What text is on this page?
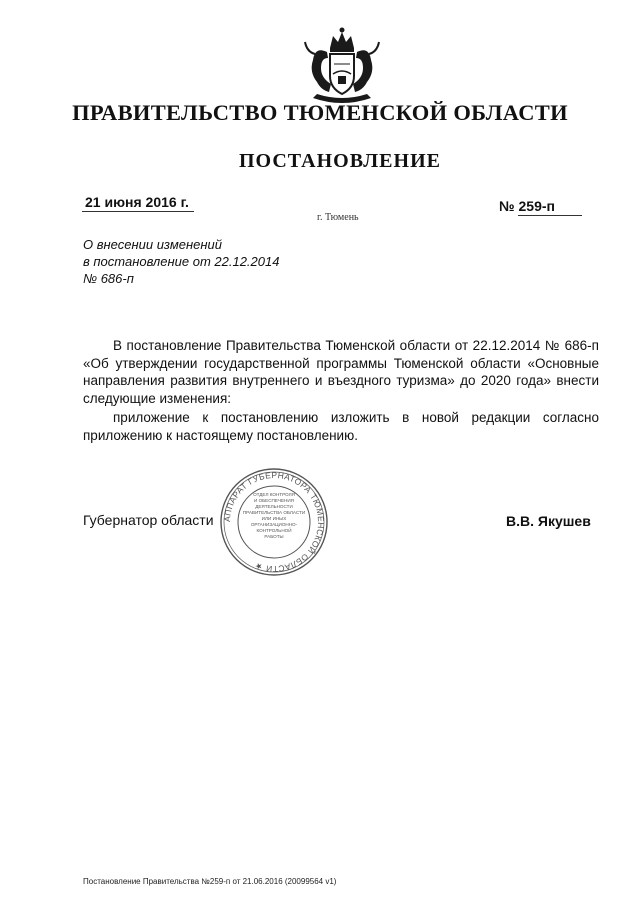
ПРАВИТЕЛЬСТВО ТЮМЕНСКОЙ ОБЛАСТИ
ПОСТАНОВЛЕНИЕ
21 июня 2016 г.	№ 259-п
г. Тюмень
О внесении изменений
в постановление от 22.12.2014
№ 686-п

В постановление Правительства Тюменской области от 22.12.2014 № 686-п «Об утверждении государственной программы Тюменской области «Основные направления развития внутреннего и въездного туризма» до 2020 года» внести следующие изменения:

приложение к постановлению изложить в новой редакции согласно приложению к настоящему постановлению.

АППАРАТ ГУБЕРНАТОРА ТЮМЕНСКОЙ ОБЛАСТИ ★
ОТДЕЛ КОНТРОЛЯ
И ОБЕСПЕЧЕНИЯ
ДЕЯТЕЛЬНОСТИ
ПРАВИТЕЛЬСТВА ОБЛАСТИ
ИЛИ ИНЫХ
ОРГАНИЗАЦИОННО-
КОНТРОЛЬНОЙ
РАБОТЫ
Губернатор области	В.В. Якушев
Постановление Правительства №259-п от 21.06.2016 (20099564 v1)
